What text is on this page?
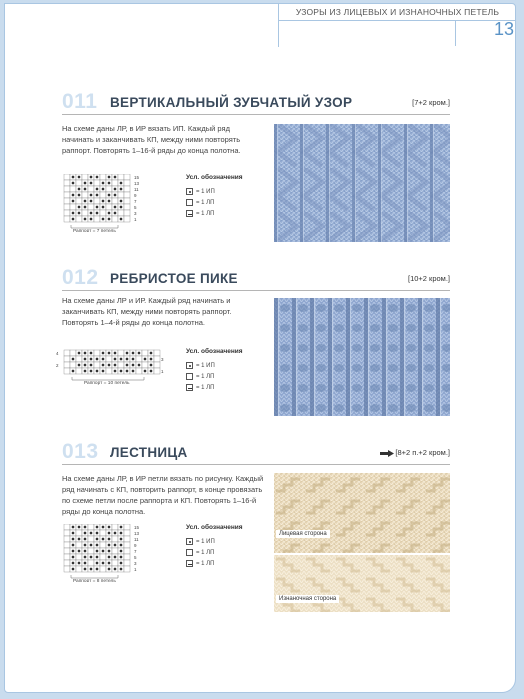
УЗОРЫ ИЗ ЛИЦЕВЫХ И ИЗНАНОЧНЫХ ПЕТЕЛЬ
13
011 ВЕРТИКАЛЬНЫЙ ЗУБЧАТЫЙ УЗОР	[7+2 кром.]
На схеме даны ЛР, в ИР вязать ИП. Каждый ряд начинать и заканчивать КП, между ними повторять раппорт. Повторять 1–16-й ряды до конца полотна.
15
13
11
9
7
5
3
1
Раппорт = 7 петель
Усл. обозначения
= 1 ИП
= 1 ЛП
= 1 ЛП
012 РЕБРИСТОЕ ПИКЕ	[10+2 кром.]
На схеме даны ЛР и ИР. Каждый ряд начинать и заканчивать КП, между ними повторять раппорт. Повторять 1–4-й ряды до конца полотна.
4
2
3
1
Раппорт = 10 петель
Усл. обозначения
= 1 ИП
= 1 ЛП
= 1 ЛП
013 ЛЕСТНИЦА	[8+2 п.+2 кром.]
На схеме даны ЛР, в ИР петли вязать по рисунку. Каждый ряд начинать с КП, повторить раппорт, в конце провязать по схеме петли после раппорта и КП. Повторять 1–16-й ряды до конца полотна.
15
13
11
9
7
5
3
1
Раппорт = 8 петель
Усл. обозначения
= 1 ИП
= 1 ЛП
= 1 ЛП
Лицевая сторона
Изнаночная сторона
